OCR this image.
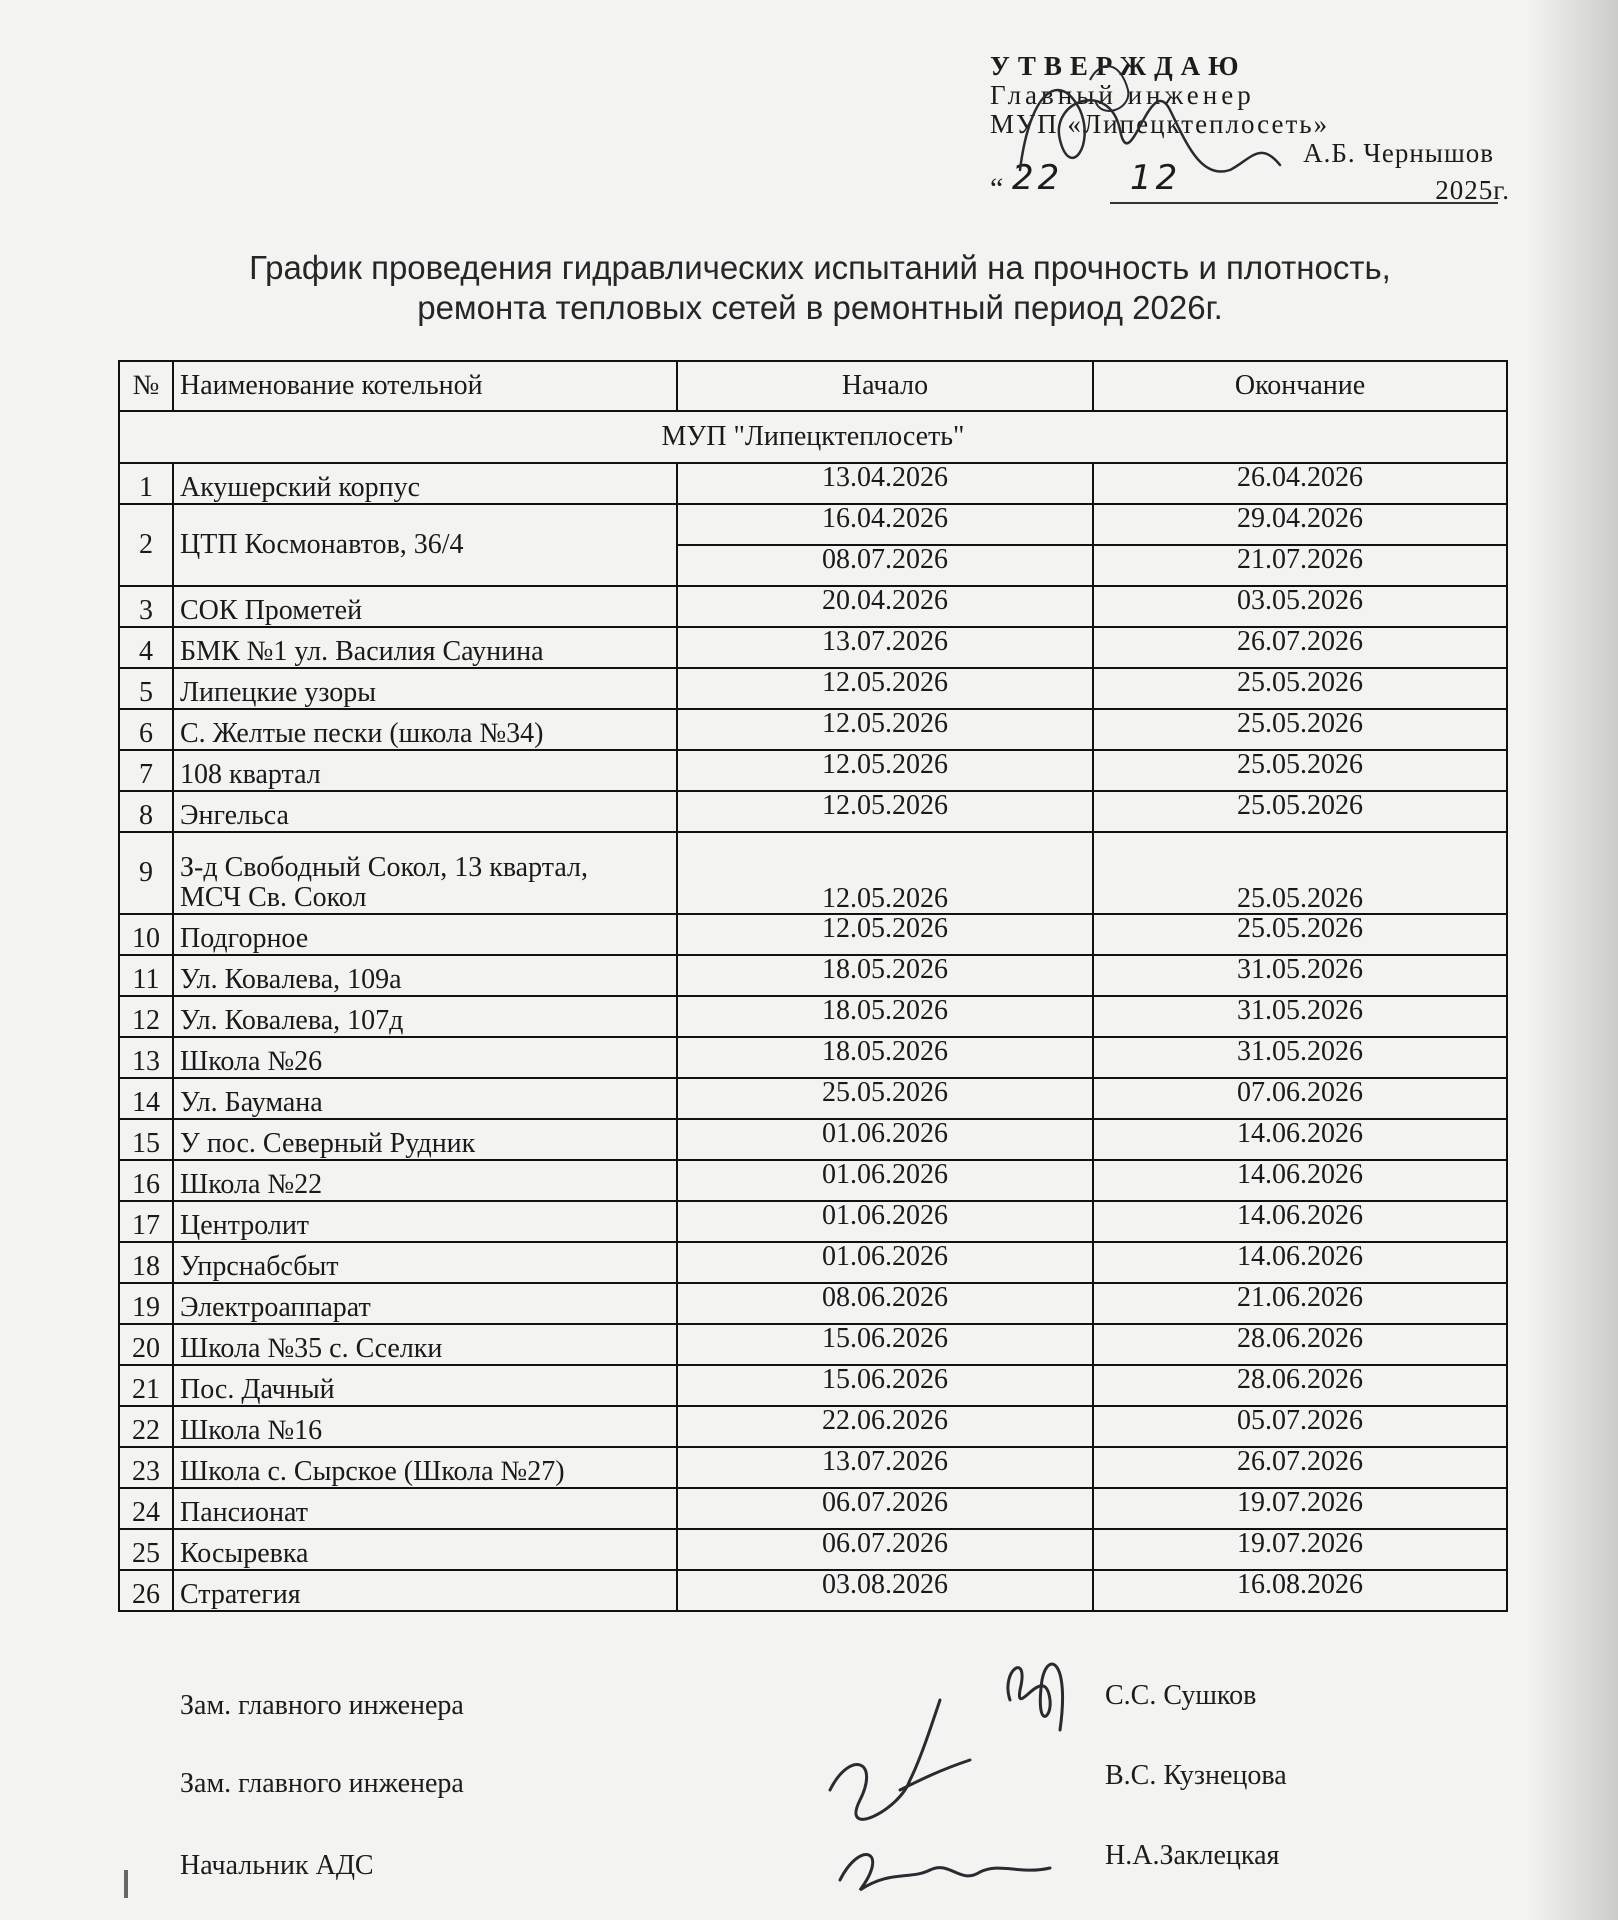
УТВЕРЖДАЮ
Главный инженер
МУП «Липецктеплосеть»
А.Б. Чернышов
“ 22 12	2025г.
График проведения гидравлических испытаний на прочность и плотность,
ремонта тепловых сетей в ремонтный период 2026г.
№	Наименование котельной	Начало	Окончание
МУП "Липецктеплосеть"			
1	Акушерский корпус	13.04.2026	26.04.2026
2	ЦТП Космонавтов, 36/4	16.04.2026	29.04.2026
		08.07.2026	21.07.2026
3	СОК Прометей	20.04.2026	03.05.2026
4	БМК №1 ул. Василия Саунина	13.07.2026	26.07.2026
5	Липецкие узоры	12.05.2026	25.05.2026
6	С. Желтые пески (школа №34)	12.05.2026	25.05.2026
7	108 квартал	12.05.2026	25.05.2026
8	Энгельса	12.05.2026	25.05.2026
9	З-д Свободный Сокол, 13 квартал,
МСЧ Св. Сокол	12.05.2026	25.05.2026
10	Подгорное	12.05.2026	25.05.2026
11	Ул. Ковалева, 109а	18.05.2026	31.05.2026
12	Ул. Ковалева, 107д	18.05.2026	31.05.2026
13	Школа №26	18.05.2026	31.05.2026
14	Ул. Баумана	25.05.2026	07.06.2026
15	У пос. Северный Рудник	01.06.2026	14.06.2026
16	Школа №22	01.06.2026	14.06.2026
17	Центролит	01.06.2026	14.06.2026
18	Упрснабсбыт	01.06.2026	14.06.2026
19	Электроаппарат	08.06.2026	21.06.2026
20	Школа №35 с. Сселки	15.06.2026	28.06.2026
21	Пос. Дачный	15.06.2026	28.06.2026
22	Школа №16	22.06.2026	05.07.2026
23	Школа с. Сырское (Школа №27)	13.07.2026	26.07.2026
24	Пансионат	06.07.2026	19.07.2026
25	Косыревка	06.07.2026	19.07.2026
26	Стратегия	03.08.2026	16.08.2026
Зам. главного инженера	С.С. Сушков
Зам. главного инженера	В.С. Кузнецова
Начальник АДС	Н.А.Заклецкая
